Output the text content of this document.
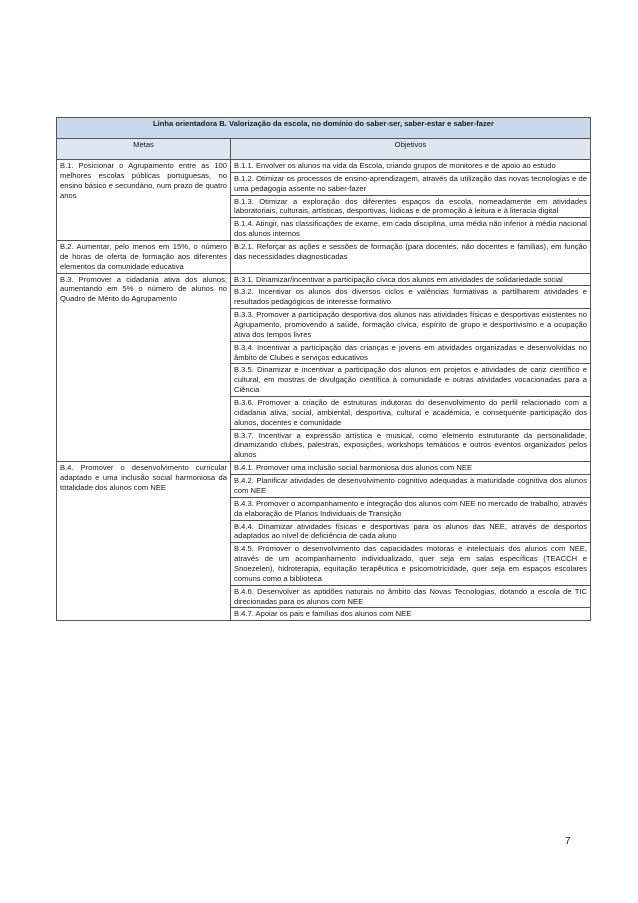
Linha orientadora B. Valorização da escola, no domínio do saber-ser, saber-estar e saber-fazer	
Metas	Objetivos
B.1. Posicionar o Agrupamento entre as 100 melhores escolas públicas portuguesas, no ensino básico e secundário, num prazo de quatro anos	B.1.1. Envolver os alunos na vida da Escola, criando grupos de monitores e de apoio ao estudo
	B.1.2. Otimizar os processos de ensino-aprendizagem, através da utilização das novas tecnologias e de uma pedagogia assente no saber-fazer
	B.1.3. Otimizar a exploração dos diferentes espaços da escola, nomeadamente em atividades laboratoriais, culturais, artísticas, desportivas, lúdicas e de promoção à leitura e à literacia digital
	B.1.4. Atingir, nas classificações de exame, em cada disciplina, uma média não inferior à média nacional dos alunos internos
B.2. Aumentar, pelo menos em 15%, o número de horas de oferta de formação aos diferentes elementos da comunidade educativa	B.2.1. Reforçar as ações e sessões de formação (para docentes, não docentes e famílias), em função das necessidades diagnosticadas
B.3. Promover a cidadania ativa dos alunos, aumentando em 5% o número de alunos no Quadro de Mérito do Agrupamento	B.3.1. Dinamizar/incentivar a participação cívica dos alunos em atividades de solidariedade social
	B.3.2. Incentivar os alunos dos diversos ciclos e valências formativas a partilharem atividades e resultados pedagógicos de interesse formativo
	B.3.3. Promover a participação desportiva dos alunos nas atividades físicas e desportivas existentes no Agrupamento, promovendo a saúde, formação cívica, espírito de grupo e desportivismo e a ocupação ativa dos tempos livres
	B.3.4. Incentivar a participação das crianças e jovens em atividades organizadas e desenvolvidas no âmbito de Clubes e serviços educativos
	B.3.5. Dinamizar e incentivar a participação dos alunos em projetos e atividades de cariz científico e cultural, em mostras de divulgação científica à comunidade e outras atividades vocacionadas para a Ciência
	B.3.6. Promover a criação de estruturas indutoras do desenvolvimento do perfil relacionado com a cidadania ativa, social, ambiental, desportiva, cultural e académica, e consequente participação dos alunos, docentes e comunidade
	B.3.7. Incentivar a expressão artística e musical, como elemento estruturante da personalidade, dinamizando clubes, palestras, exposições, workshops temáticos e outros eventos organizados pelos alunos
B.4. Promover o desenvolvimento curricular adaptado e uma inclusão social harmoniosa da totalidade dos alunos com NEE	B.4.1. Promover uma inclusão social harmoniosa dos alunos com NEE
	B.4.2. Planificar atividades de desenvolvimento cognitivo adequadas à maturidade cognitiva dos alunos com NEE
	B.4.3. Promover o acompanhamento e integração dos alunos com NEE no mercado de trabalho, através da elaboração de Planos Individuais de Transição
	B.4.4. Dinamizar atividades físicas e desportivas para os alunos das NEE, através de desportos adaptados ao nível de deficiência de cada aluno
	B.4.5. Promover o desenvolvimento das capacidades motoras e intelectuais dos alunos com NEE, através de um acompanhamento individualizado, quer seja em salas específicas (TEACCH e Snoezelen), hidroterapia, equitação terapêutica e psicomotricidade, quer seja em espaços escolares comuns como a biblioteca
	B.4.6. Desenvolver as aptidões naturais no âmbito das Novas Tecnologias, dotando a escola de TIC direcionadas para os alunos com NEE
	B.4.7. Apoiar os pais e famílias dos alunos com NEE
7
